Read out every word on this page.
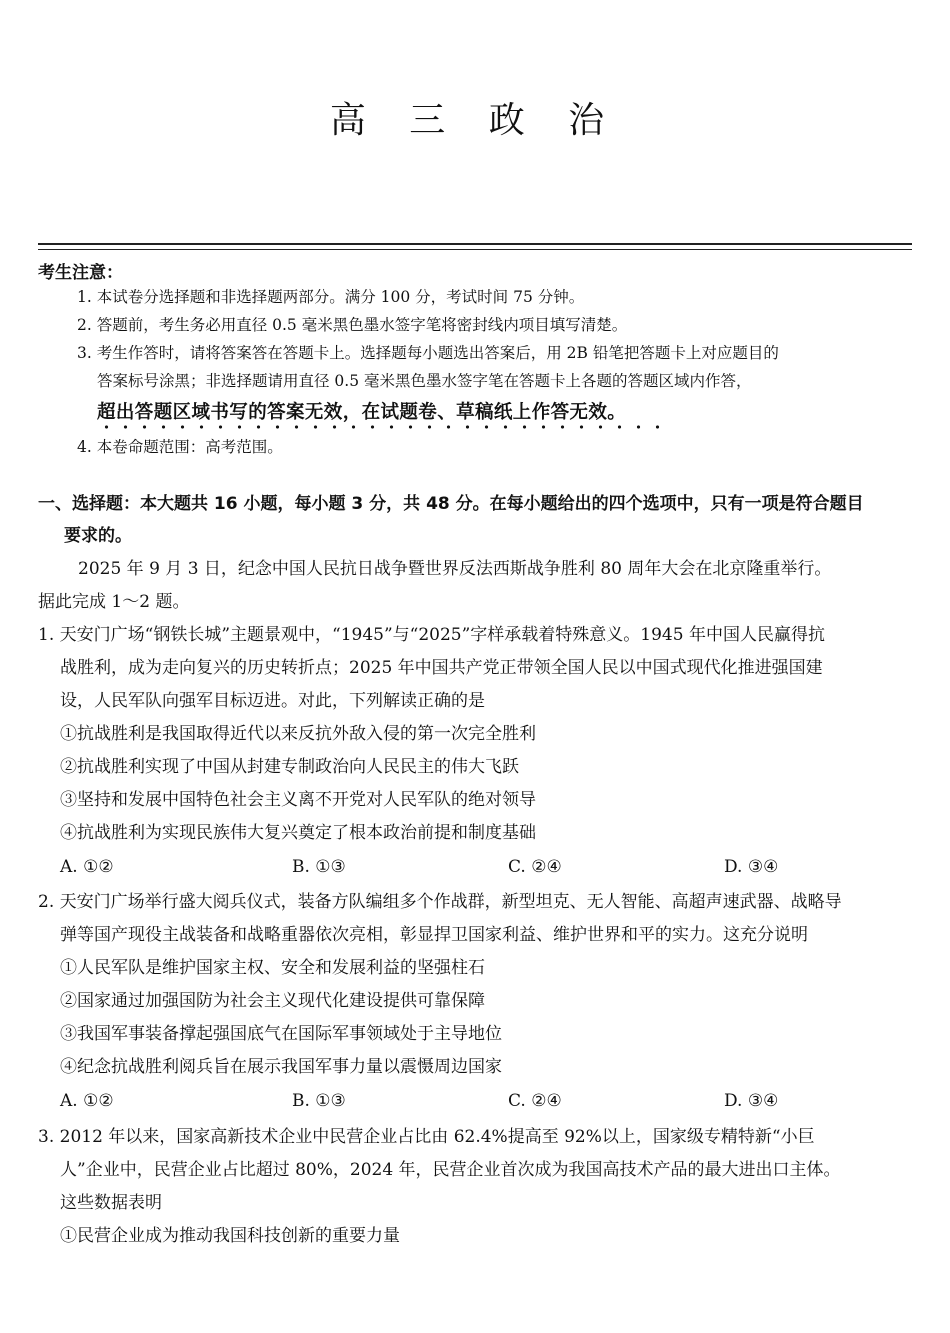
高 三 政 治
考生注意：
1. 本试卷分选择题和非选择题两部分。满分 100 分，考试时间 75 分钟。
2. 答题前，考生务必用直径 0.5 毫米黑色墨水签字笔将密封线内项目填写清楚。
3. 考生作答时，请将答案答在答题卡上。选择题每小题选出答案后，用 2B 铅笔把答题卡上对应题目的
答案标号涂黑；非选择题请用直径 0.5 毫米黑色墨水签字笔在答题卡上各题的答题区域内作答，
超出答题区域书写的答案无效，在试题卷、草稿纸上作答无效。
4. 本卷命题范围：高考范围。
一、选择题：本大题共 16 小题，每小题 3 分，共 48 分。在每小题给出的四个选项中，只有一项是符合题目
要求的。
2025 年 9 月 3 日，纪念中国人民抗日战争暨世界反法西斯战争胜利 80 周年大会在北京隆重举行。
据此完成 1～2 题。
1. 天安门广场“钢铁长城”主题景观中，“1945”与“2025”字样承载着特殊意义。1945 年中国人民赢得抗
战胜利，成为走向复兴的历史转折点；2025 年中国共产党正带领全国人民以中国式现代化推进强国建
设，人民军队向强军目标迈进。对此，下列解读正确的是
①抗战胜利是我国取得近代以来反抗外敌入侵的第一次完全胜利
②抗战胜利实现了中国从封建专制政治向人民民主的伟大飞跃
③坚持和发展中国特色社会主义离不开党对人民军队的绝对领导
④抗战胜利为实现民族伟大复兴奠定了根本政治前提和制度基础
A. ①②	B. ①③	C. ②④	D. ③④
2. 天安门广场举行盛大阅兵仪式，装备方队编组多个作战群，新型坦克、无人智能、高超声速武器、战略导
弹等国产现役主战装备和战略重器依次亮相，彰显捍卫国家利益、维护世界和平的实力。这充分说明
①人民军队是维护国家主权、安全和发展利益的坚强柱石
②国家通过加强国防为社会主义现代化建设提供可靠保障
③我国军事装备撑起强国底气在国际军事领域处于主导地位
④纪念抗战胜利阅兵旨在展示我国军事力量以震慑周边国家
A. ①②	B. ①③	C. ②④	D. ③④
3. 2012 年以来，国家高新技术企业中民营企业占比由 62.4%提高至 92%以上，国家级专精特新“小巨
人”企业中，民营企业占比超过 80%，2024 年，民营企业首次成为我国高技术产品的最大进出口主体。
这些数据表明
①民营企业成为推动我国科技创新的重要力量
